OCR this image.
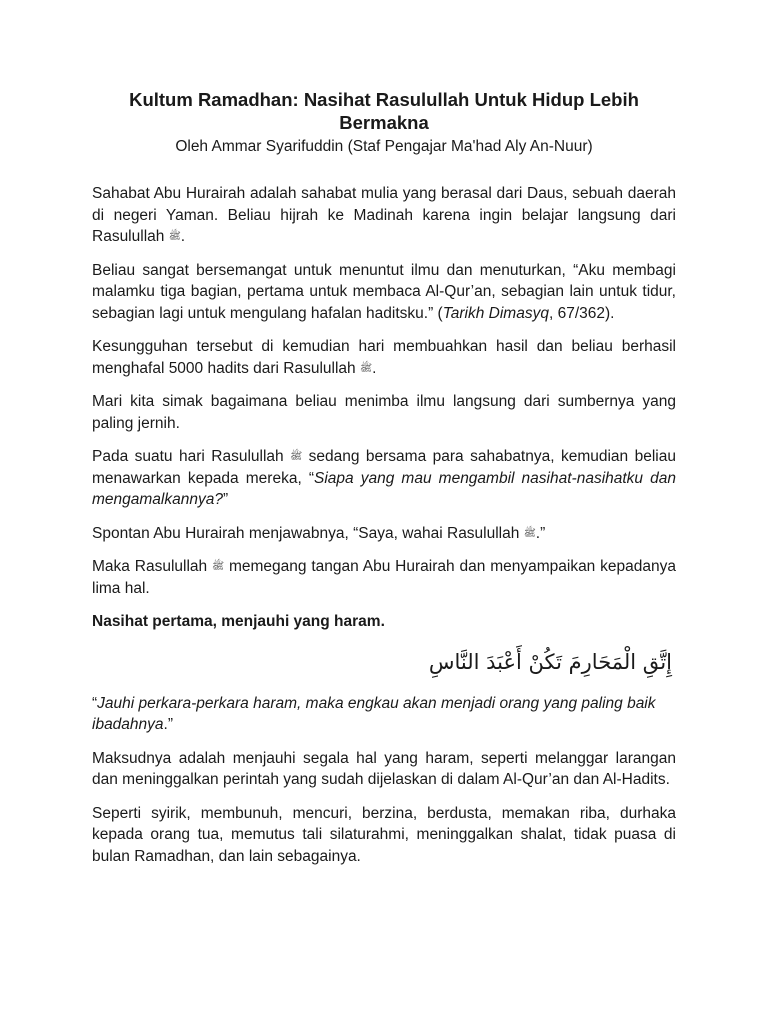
Kultum Ramadhan: Nasihat Rasulullah Untuk Hidup Lebih Bermakna

Oleh Ammar Syarifuddin (Staf Pengajar Ma'had Aly An-Nuur)

Sahabat Abu Hurairah adalah sahabat mulia yang berasal dari Daus, sebuah daerah di negeri Yaman. Beliau hijrah ke Madinah karena ingin belajar langsung dari Rasulullah ﷺ.

Beliau sangat bersemangat untuk menuntut ilmu dan menuturkan, “Aku membagi malamku tiga bagian, pertama untuk membaca Al-Qur’an, sebagian lain untuk tidur, sebagian lagi untuk mengulang hafalan haditsku.” (Tarikh Dimasyq, 67/362).

Kesungguhan tersebut di kemudian hari membuahkan hasil dan beliau berhasil menghafal 5000 hadits dari Rasulullah ﷺ.

Mari kita simak bagaimana beliau menimba ilmu langsung dari sumbernya yang paling jernih.

Pada suatu hari Rasulullah ﷺ sedang bersama para sahabatnya, kemudian beliau menawarkan kepada mereka, “Siapa yang mau mengambil nasihat-nasihatku dan mengamalkannya?”

Spontan Abu Hurairah menjawabnya, “Saya, wahai Rasulullah ﷺ.”

Maka Rasulullah ﷺ memegang tangan Abu Hurairah dan menyampaikan kepadanya lima hal.

Nasihat pertama, menjauhi yang haram.

إِتَّقِ الْمَحَارِمَ تَكُنْ أَعْبَدَ النَّاسِ

“Jauhi perkara-perkara haram, maka engkau akan menjadi orang yang paling baik ibadahnya.”

Maksudnya adalah menjauhi segala hal yang haram, seperti melanggar larangan dan meninggalkan perintah yang sudah dijelaskan di dalam Al-Qur’an dan Al-Hadits.

Seperti syirik, membunuh, mencuri, berzina, berdusta, memakan riba, durhaka kepada orang tua, memutus tali silaturahmi, meninggalkan shalat, tidak puasa di bulan Ramadhan, dan lain sebagainya.
